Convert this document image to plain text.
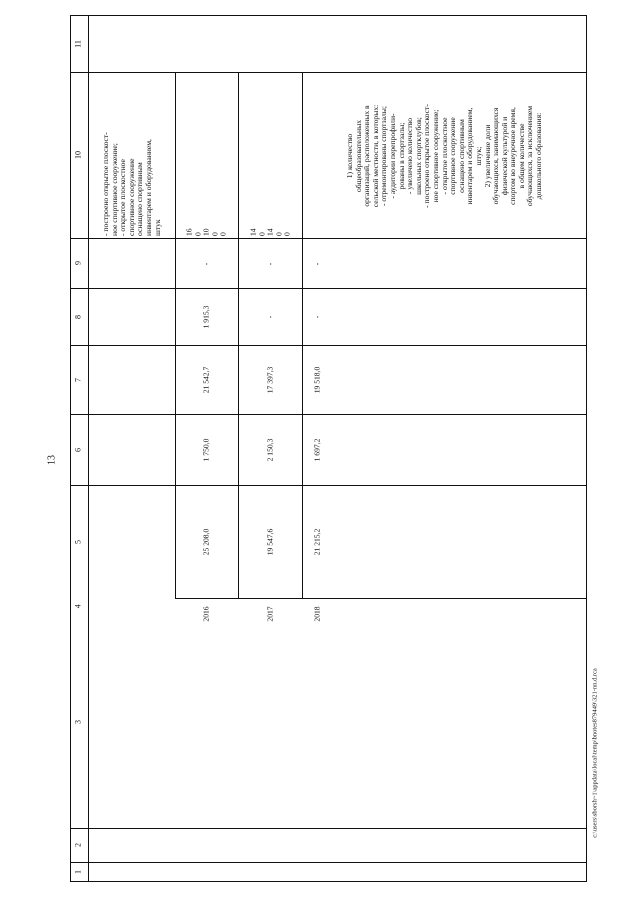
13
c:\users\sborsh~1\appdata\local\temp\bnotes879449\321-nn.d.rca
11
10
9
8
7
6
5
4
3
2
1
- построено открытое плоскост-
ное спортивное сооружение;
- открытое плоскостное
спортивное сооружение
оснащено спортивным
инвентарем и оборудованием,
штук	16
0
10
0
0
-
1 915,3
21 542,7
1 750,0
25 208,0
2016
14
0
14
0
0
-
-
17 397,3
2 150,3
19 547,6
2017
1) количество
общеобразовательных
организаций, расположенных в
сельской местности, в которых:
- отремонтированы спортзалы;
- аудитории перепрофили-
рованы в спортзалы;
- увеличено количество
школьных спортклубов;
- построено открытое плоскост-
ное спортивное сооружение;
- открытое плоскостное
спортивное сооружение
оснащено спортивным
инвентарем и оборудованием,
штук;
2) увеличение доли
обучающихся, занимающихся
физической культурой и
спортом во внеурочное время,
в общем количестве
обучающихся, за исключением
дошкольного образования:
-
-
19 518,0
1 697,2
21 215,2
2018
